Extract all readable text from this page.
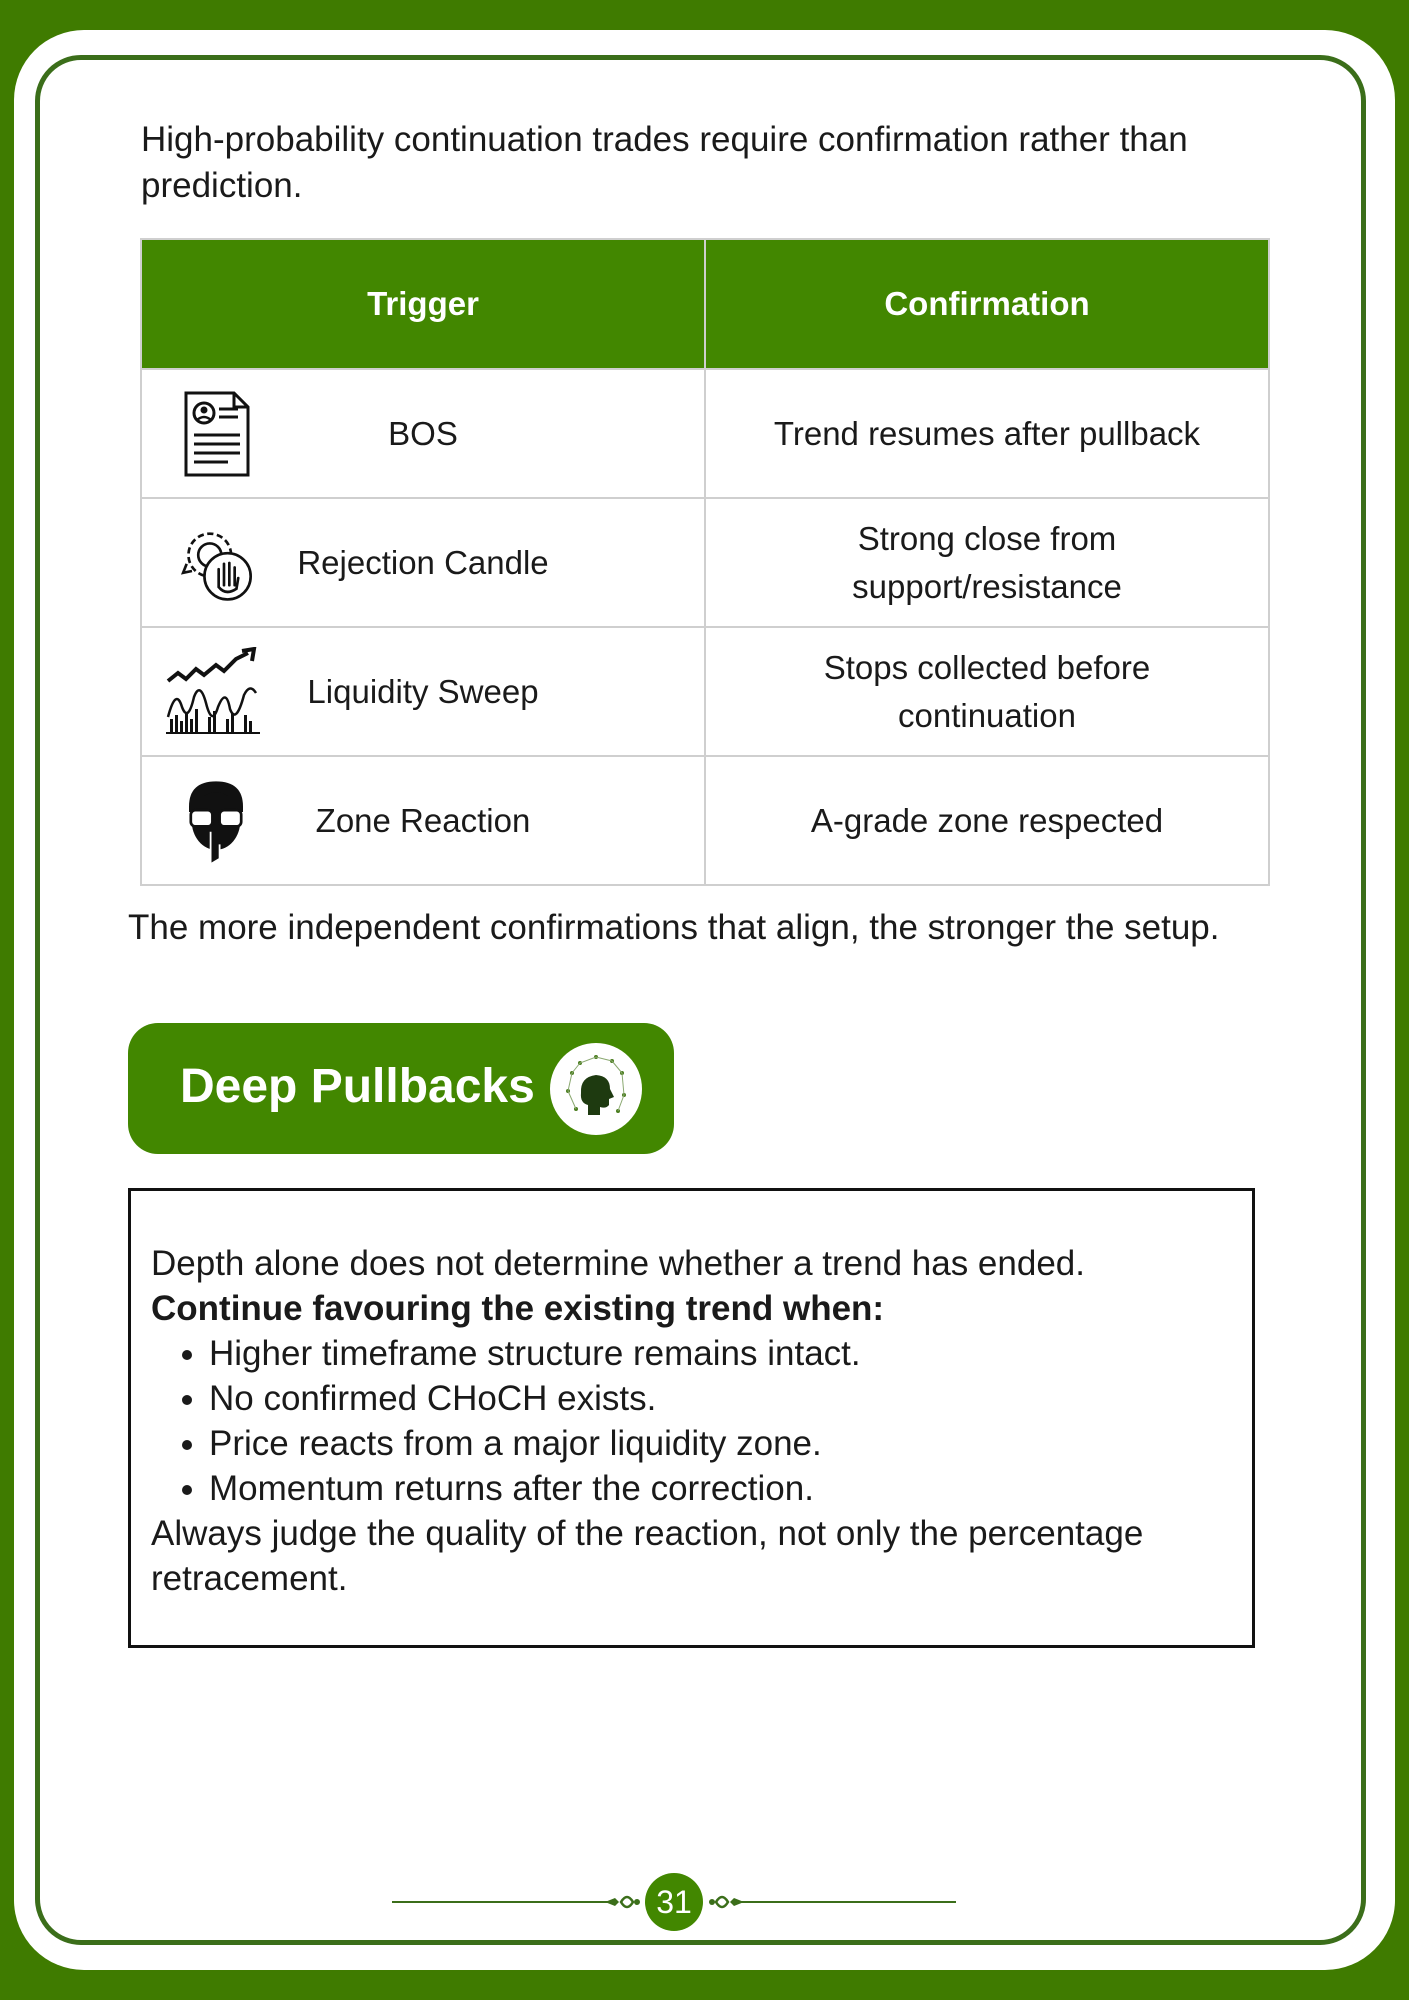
High-probability continuation trades require confirmation rather than prediction.

Trigger	Confirmation

BOS	Trend resumes after pullback

Rejection Candle	Strong close from support/resistance

Liquidity Sweep	Stops collected before continuation

Zone Reaction	A-grade zone respected

The more independent confirmations that align, the stronger the setup.

Deep Pullbacks

Depth alone does not determine whether a trend has ended.

Continue favouring the existing trend when:

• Higher timeframe structure remains intact.
• No confirmed CHoCH exists.
• Price reacts from a major liquidity zone.
• Momentum returns after the correction.

Always judge the quality of the reaction, not only the percentage retracement.

31
